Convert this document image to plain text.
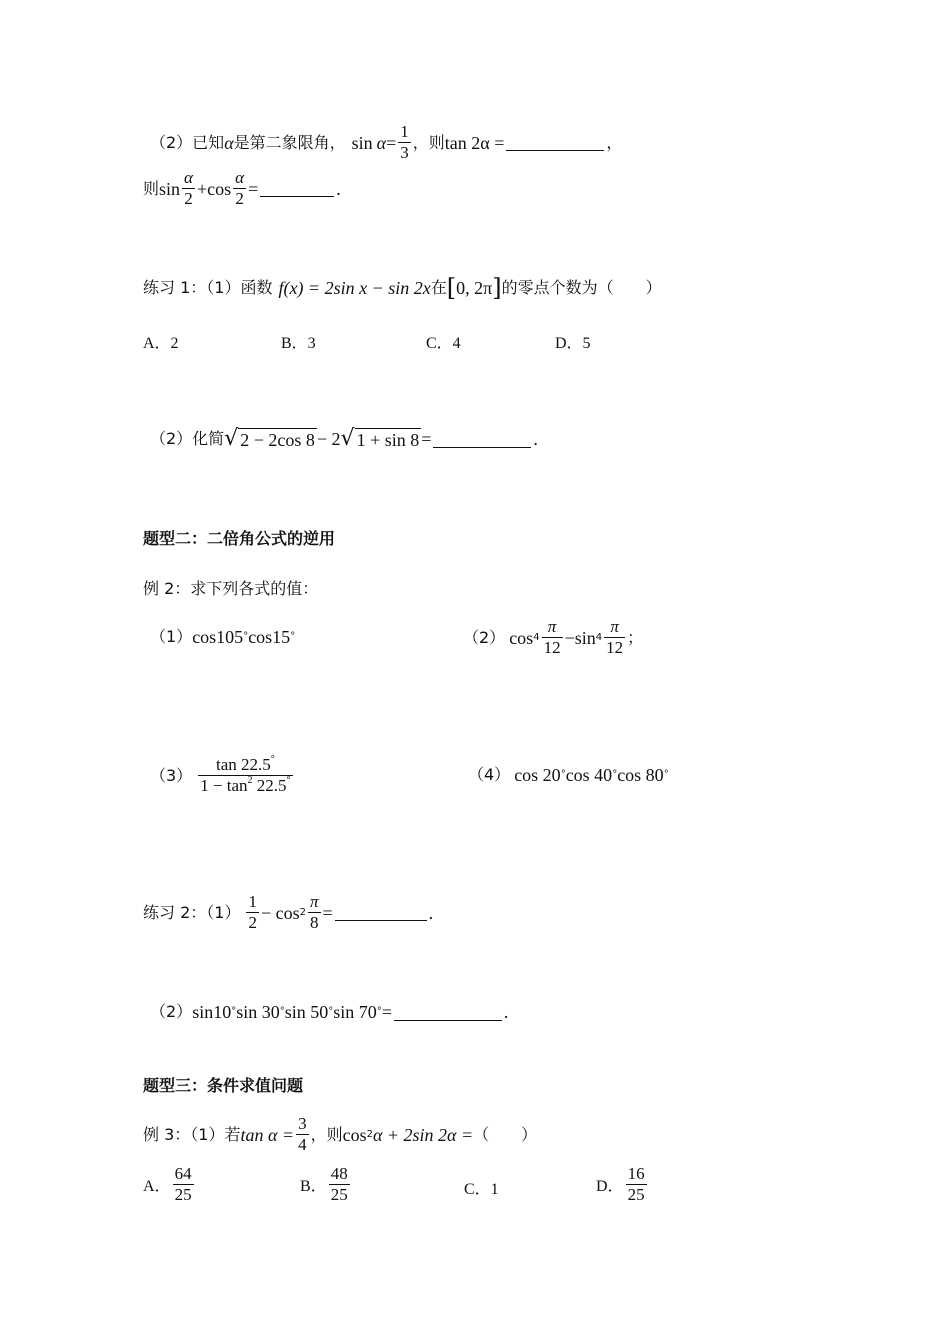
（2）已知 α 是第二象限角， $\sin \alpha = \frac{1}{3}$ ，则 tan 2α =	，
则 $\sin \frac{\alpha}{2} + \cos \frac{\alpha}{2}$ =	.
练习 1：（1）函数 f(x) = 2sin x − sin 2x 在 [ 0, 2π ] 的零点个数为（　　）
A．2	B．3	C．4	D．5
（2）化简 √ 2 − 2cos 8 − 2 √ 1 + sin 8 =	.
题型二：二倍角公式的逆用
例 2：求下列各式的值：
（1） cos105 ° cos15 °	（2） $\cos 4 \frac{\pi}{12} - \sin 4 \frac{\pi}{12}$ ；
$(3) \frac{\tan 22.5^\circ}{1 - \tan^2 22.5^\circ}$	（4） cos 20 ° cos 40 ° cos 80 °
练习 2：$(1) \frac{1}{2} - \cos 2 \frac{\pi}{8}$ =	.
（2） sin10 ° sin 30 ° sin 50 ° sin 70 ° =	.
题型三：条件求值问题
例 3：（1）若 $\tan \alpha = \frac{3}{4}$ ，则 cos 2 α + 2sin 2α = （　　）
A． $\frac{64}{25}$	B． $\frac{48}{25}$	C．1	D． $\frac{16}{25}$
